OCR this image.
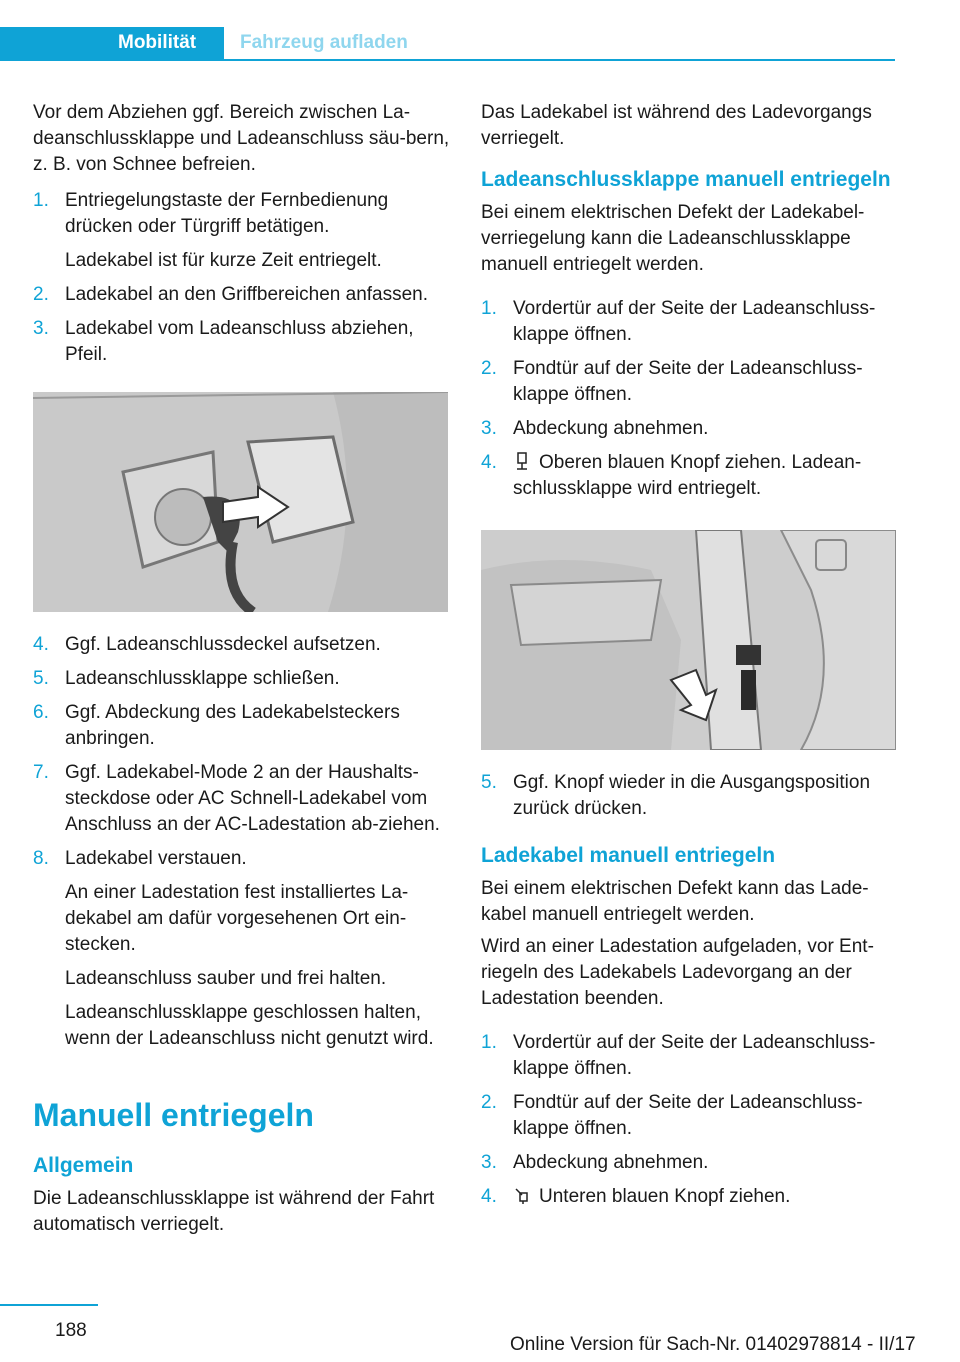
Mobilität	Fahrzeug aufladen

Vor dem Abziehen ggf. Bereich zwischen La-deanschlussklappe und Ladeanschluss säu-bern, z. B. von Schnee befreien.

1. Entriegelungstaste der Fernbedienung drücken oder Türgriff betätigen.
Ladekabel ist für kurze Zeit entriegelt.
2. Ladekabel an den Griffbereichen anfassen.
3. Ladekabel vom Ladeanschluss abziehen, Pfeil.
4. Ggf. Ladeanschlussdeckel aufsetzen.
5. Ladeanschlussklappe schließen.
6. Ggf. Abdeckung des Ladekabelsteckers anbringen.
7. Ggf. Ladekabel-Mode 2 an der Haushalts-steckdose oder AC Schnell-Ladekabel vom Anschluss an der AC-Ladestation ab-ziehen.
8. Ladekabel verstauen.
An einer Ladestation fest installiertes La-dekabel am dafür vorgesehenen Ort ein-stecken.
Ladeanschluss sauber und frei halten.
Ladeanschlussklappe geschlossen halten, wenn der Ladeanschluss nicht genutzt wird.
Manuell entriegeln
Allgemein

Die Ladeanschlussklappe ist während der Fahrt automatisch verriegelt.

Das Ladekabel ist während des Ladevorgangs verriegelt.

Ladeanschlussklappe manuell entriegeln

Bei einem elektrischen Defekt der Ladekabel-verriegelung kann die Ladeanschlussklappe manuell entriegelt werden.

1. Vordertür auf der Seite der Ladeanschluss-klappe öffnen.
2. Fondtür auf der Seite der Ladeanschluss-klappe öffnen.
3. Abdeckung abnehmen.
4. Oberen blauen Knopf ziehen. Ladean-schlussklappe wird entriegelt.
5. Ggf. Knopf wieder in die Ausgangsposition zurück drücken.
Ladekabel manuell entriegeln

Bei einem elektrischen Defekt kann das Lade-kabel manuell entriegelt werden.

Wird an einer Ladestation aufgeladen, vor Ent-riegeln des Ladekabels Ladevorgang an der Ladestation beenden.

1. Vordertür auf der Seite der Ladeanschluss-klappe öffnen.
2. Fondtür auf der Seite der Ladeanschluss-klappe öffnen.
3. Abdeckung abnehmen.
4. Unteren blauen Knopf ziehen.
188
Online Version für Sach-Nr. 01402978814 - II/17
